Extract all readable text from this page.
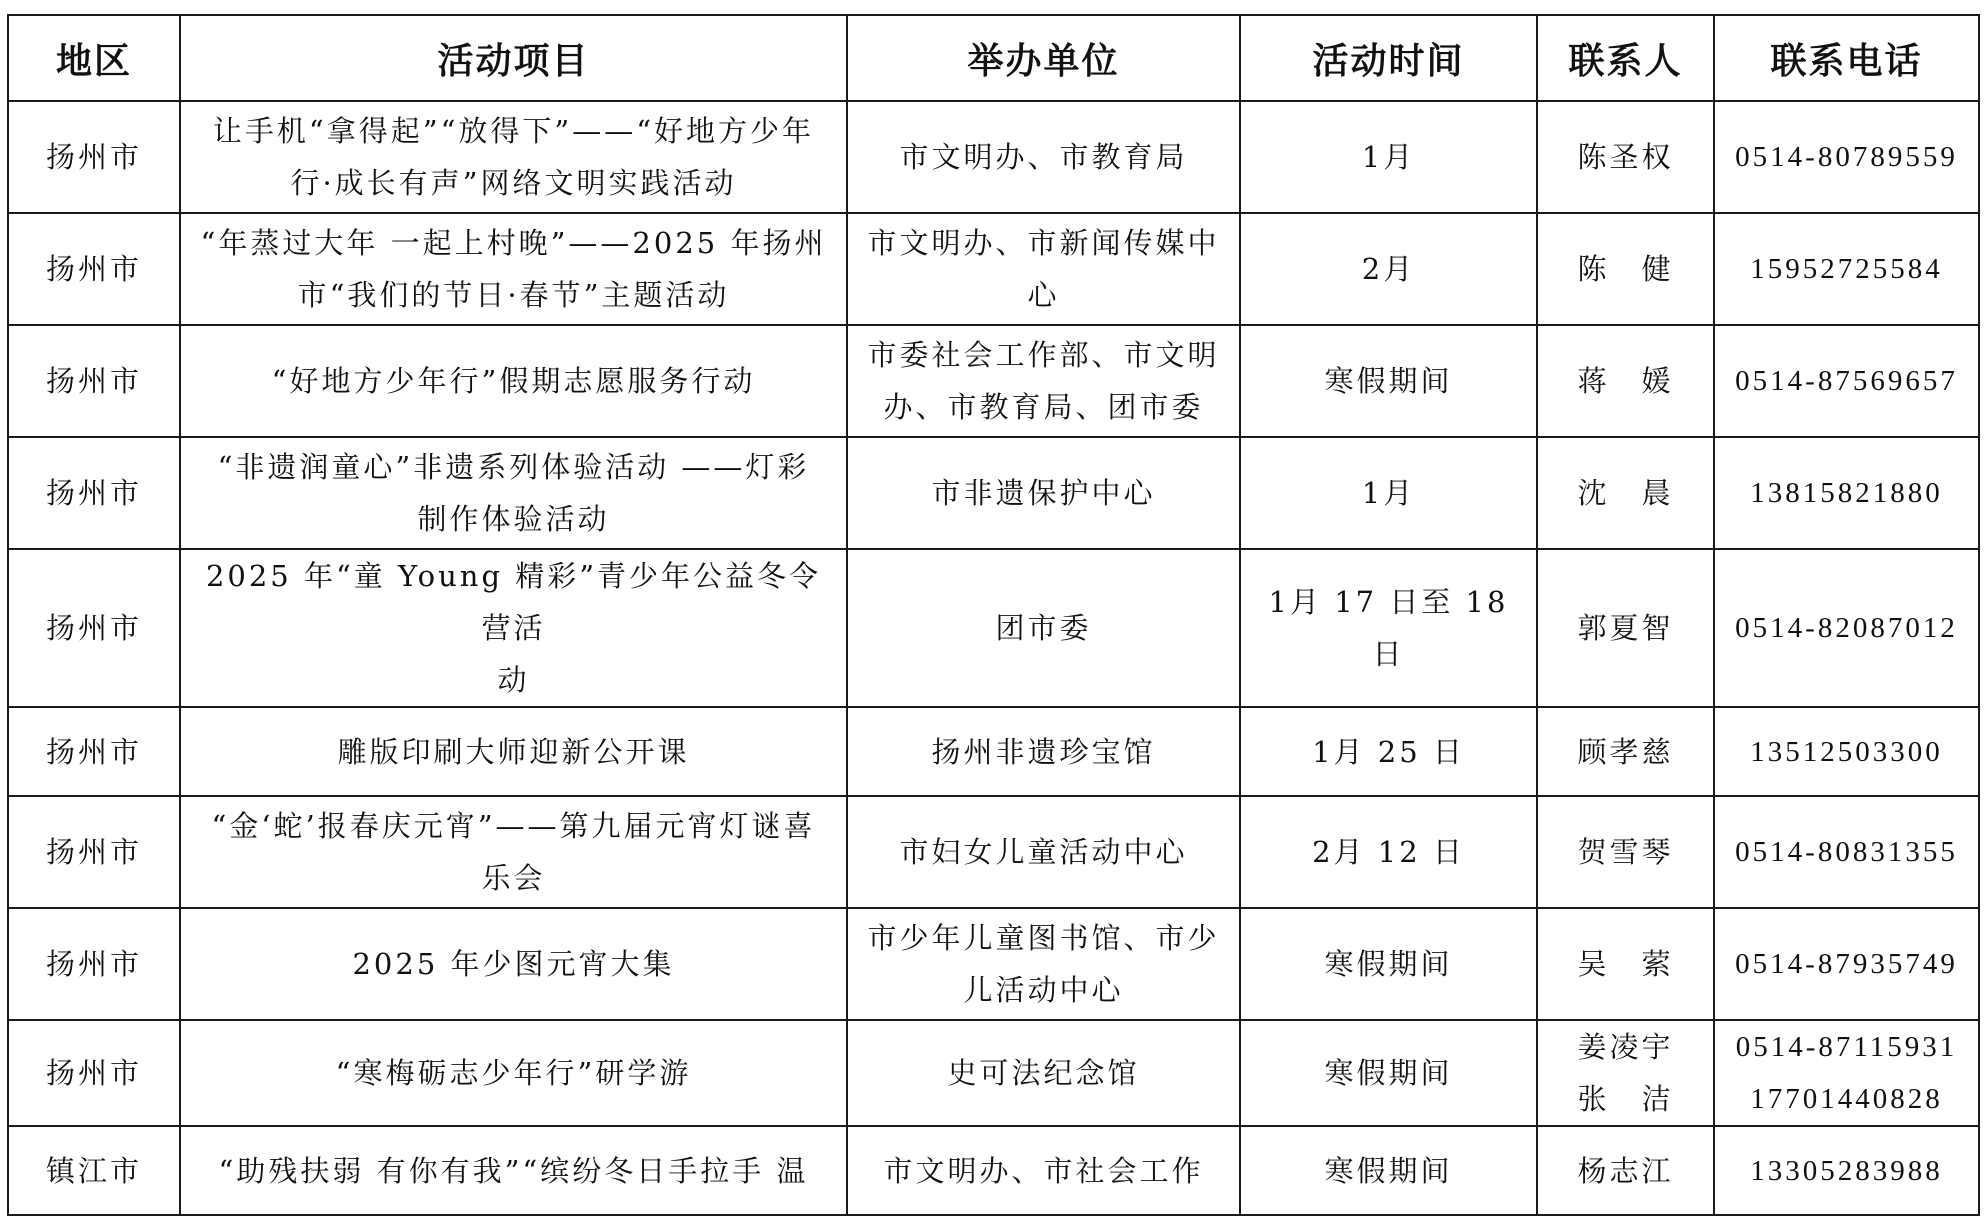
地区	活动项目	举办单位	活动时间	联系人	联系电话
扬州市	让手机“拿得起”“放得下”——“好地方少年
行·成长有声”网络文明实践活动	市文明办、市教育局	1月	陈圣权	0514-80789559

扬州市	“年蒸过大年 一起上村晚”——2025 年扬州
市“我们的节日·春节”主题活动	市文明办、市新闻传媒中
心	2月	陈　健	15952725584

扬州市	“好地方少年行”假期志愿服务行动	市委社会工作部、市文明
办、市教育局、团市委	寒假期间	蒋　媛	0514-87569657

扬州市	“非遗润童心”非遗系列体验活动 ——灯彩
制作体验活动	市非遗保护中心	1月	沈　晨	13815821880

扬州市	2025 年“童 Young 精彩”青少年公益冬令营活
动	团市委	1月 17 日至 18 日	郭夏智	0514-82087012

扬州市	雕版印刷大师迎新公开课	扬州非遗珍宝馆	1月 25 日	顾孝慈	13512503300

扬州市	“金‘蛇’报春庆元宵”——第九届元宵灯谜喜
乐会	市妇女儿童活动中心	2月 12 日	贺雪琴	0514-80831355

扬州市	2025 年少图元宵大集	市少年儿童图书馆、市少
儿活动中心	寒假期间	吴　萦	0514-87935749

扬州市	“寒梅砺志少年行”研学游	史可法纪念馆	寒假期间	姜凌宇
张　洁	0514-87115931
17701440828

镇江市	“助残扶弱 有你有我”“缤纷冬日手拉手 温	市文明办、市社会工作	寒假期间	杨志江	13305283988
